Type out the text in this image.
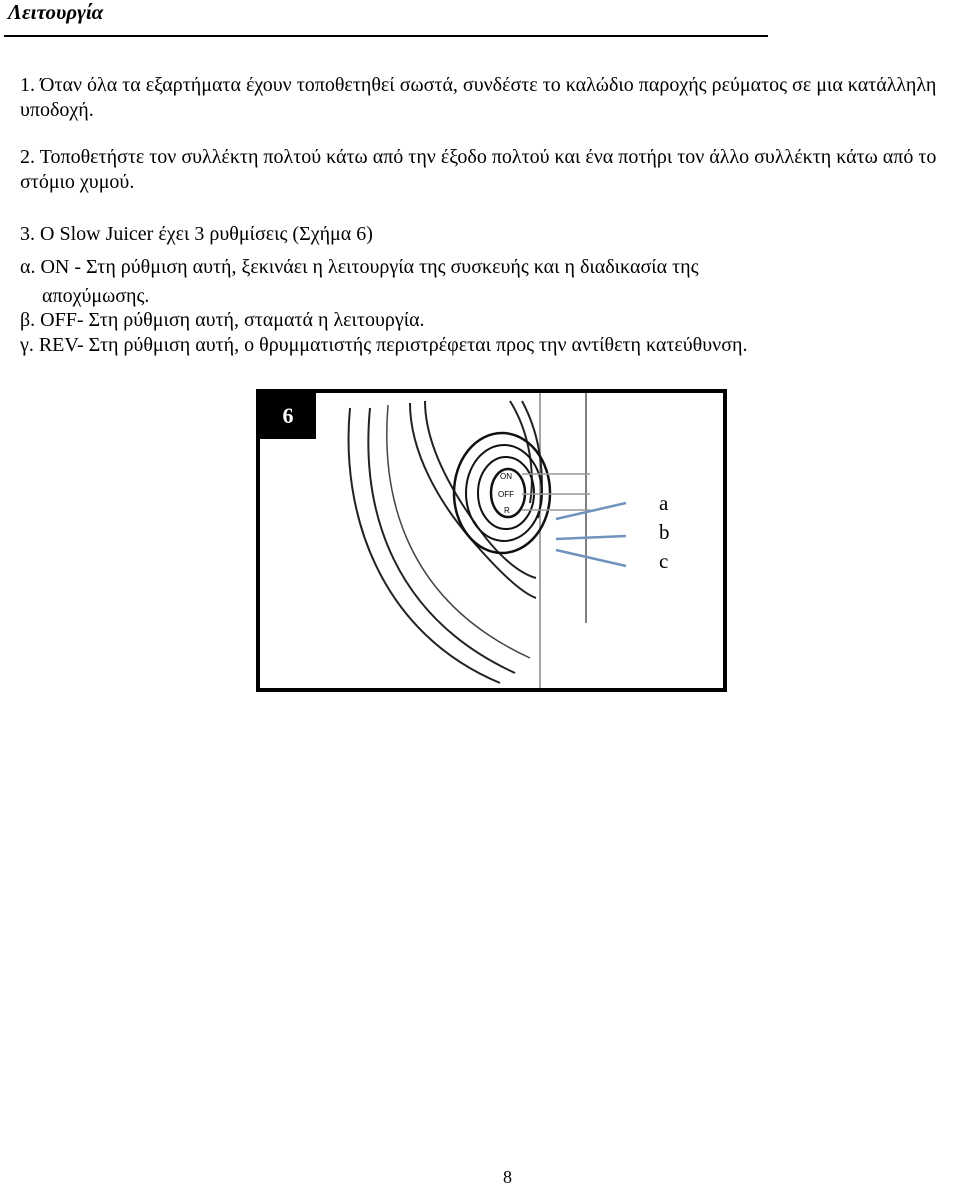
Λειτουργία

1. Όταν όλα τα εξαρτήματα έχουν τοποθετηθεί σωστά, συνδέστε το καλώδιο παροχής ρεύματος σε μια κατάλληλη υποδοχή.

2. Τοποθετήστε τον συλλέκτη πολτού κάτω από την έξοδο πολτού και ένα ποτήρι τον άλλο συλλέκτη κάτω από το στόμιο χυμού.

3. O Slow Juicer έχει 3 ρυθμίσεις (Σχήμα 6)

α. ON - Στη ρύθμιση αυτή, ξεκινάει η λειτουργία της συσκευής και η διαδικασία της
αποχύμωσης.
β. OFF- Στη ρύθμιση αυτή, σταματά η λειτουργία.
γ. REV- Στη ρύθμιση αυτή, ο θρυμματιστής περιστρέφεται προς την αντίθετη κατεύθυνση.
ON
OFF
R
6
a
b
c
8
